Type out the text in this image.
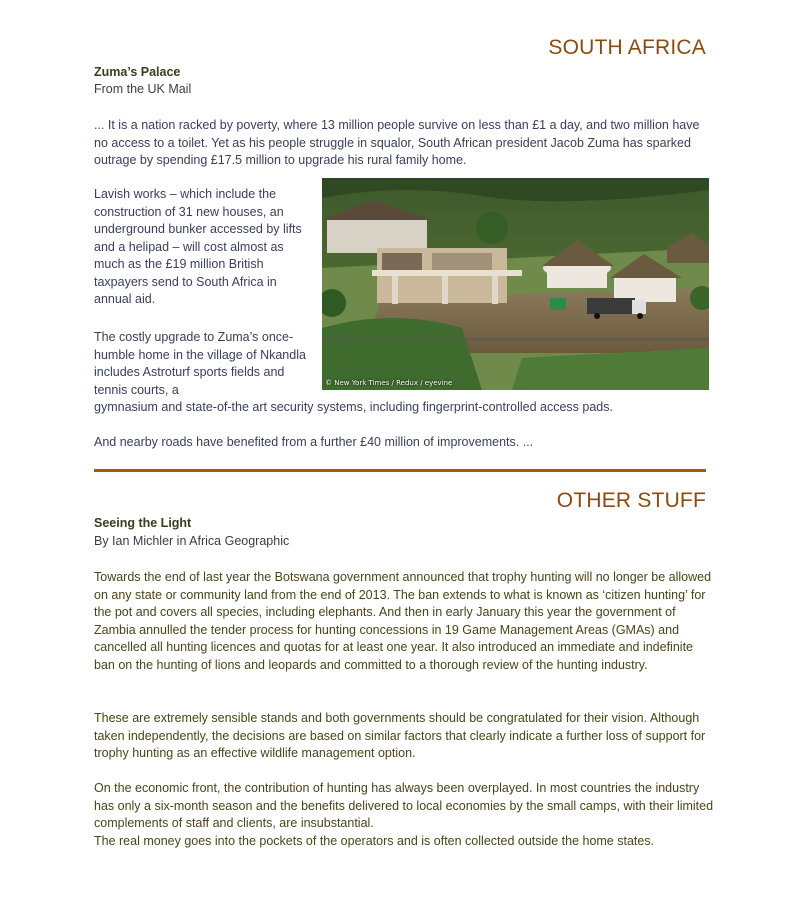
SOUTH AFRICA
Zuma’s Palace
From the UK Mail

... It is a nation racked by poverty, where 13 million people survive on less than £1 a day, and two million have no access to a toilet. Yet as his people struggle in squalor, South African president Jacob Zuma has sparked outrage by spending £17.5 million to upgrade his rural family home.

Lavish works – which include the construction of 31 new houses, an underground bunker accessed by lifts and a helipad – will cost almost as much as the £19 million British taxpayers send to South Africa in annual aid.

The costly upgrade to Zuma’s once-humble home in the village of Nkandla includes Astroturf sports fields and tennis courts, a

gymnasium and state-of-the art security systems, including fingerprint-controlled access pads.

And nearby roads have benefited from a further £40 million of improvements. ...

© New York Times / Redux / eyevine
OTHER STUFF
Seeing the Light
By Ian Michler in Africa Geographic

Towards the end of last year the Botswana government announced that trophy hunting will no longer be allowed on any state or community land from the end of 2013. The ban extends to what is known as ‘citizen hunting’ for the pot and covers all species, including elephants. And then in early January this year the government of Zambia annulled the tender process for hunting concessions in 19 Game Management Areas (GMAs) and cancelled all hunting licences and quotas for at least one year. It also introduced an immediate and indefinite ban on the hunting of lions and leopards and committed to a thorough review of the hunting industry.

These are extremely sensible stands and both governments should be congratulated for their vision. Although taken independently, the decisions are based on similar factors that clearly indicate a further loss of support for trophy hunting as an effective wildlife management option.

On the economic front, the contribution of hunting has always been overplayed. In most countries the industry has only a six-month season and the benefits delivered to local economies by the small camps, with their limited complements of staff and clients, are insubstantial.
The real money goes into the pockets of the operators and is often collected outside the home states.
